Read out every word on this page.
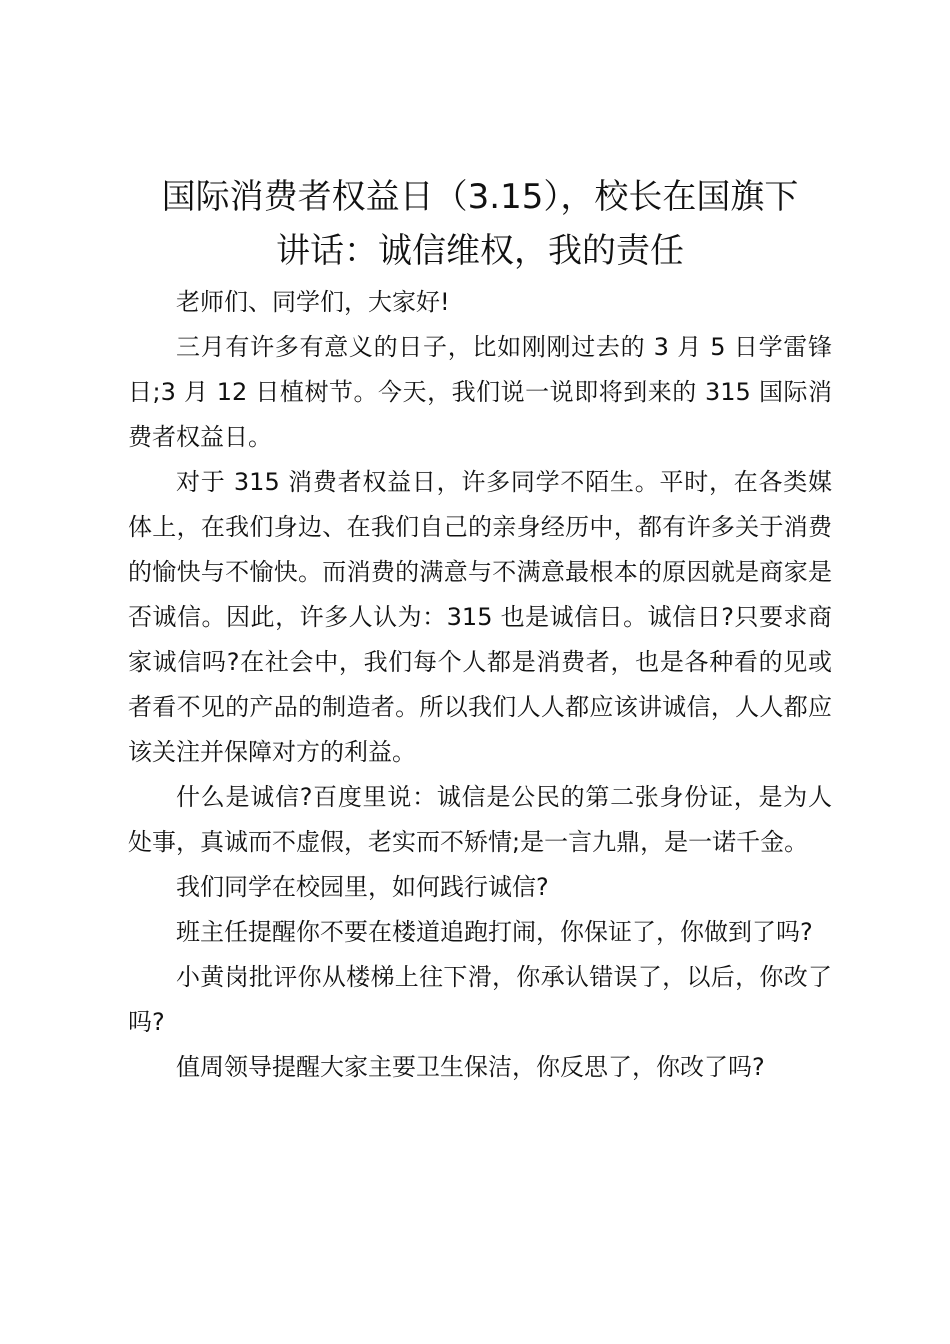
国际消费者权益日（3.15），校长在国旗下
讲话：诚信维权，我的责任

老师们、同学们，大家好!

三月有许多有意义的日子，比如刚刚过去的 3 月 5 日学雷锋日;3 月 12 日植树节。今天，我们说一说即将到来的 315 国际消费者权益日。

对于 315 消费者权益日，许多同学不陌生。平时，在各类媒体上，在我们身边、在我们自己的亲身经历中，都有许多关于消费的愉快与不愉快。而消费的满意与不满意最根本的原因就是商家是否诚信。因此，许多人认为：315 也是诚信日。诚信日?只要求商家诚信吗?在社会中，我们每个人都是消费者，也是各种看的见或者看不见的产品的制造者。所以我们人人都应该讲诚信，人人都应该关注并保障对方的利益。

什么是诚信?百度里说：诚信是公民的第二张身份证，是为人处事，真诚而不虚假，老实而不矫情;是一言九鼎，是一诺千金。

我们同学在校园里，如何践行诚信?

班主任提醒你不要在楼道追跑打闹，你保证了，你做到了吗?

小黄岗批评你从楼梯上往下滑，你承认错误了，以后，你改了吗?

值周领导提醒大家主要卫生保洁，你反思了，你改了吗?
